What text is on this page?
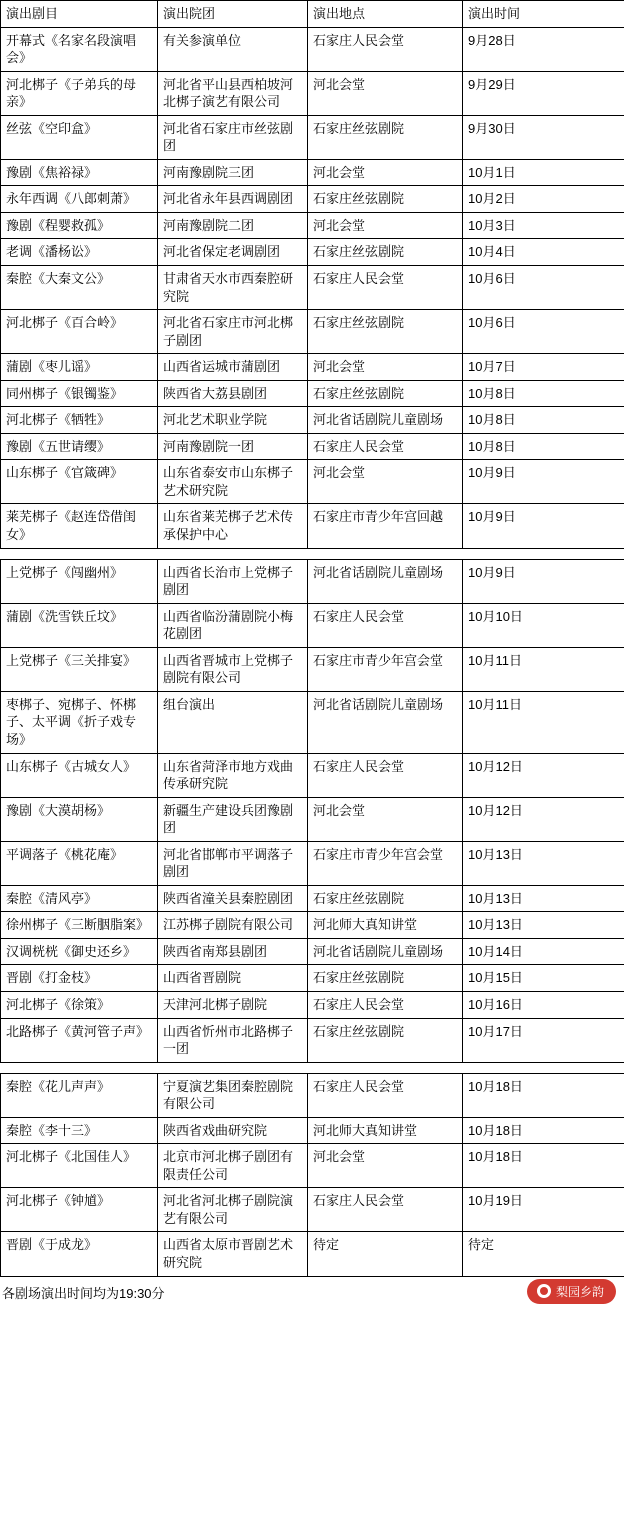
演出剧目	演出院团	演出地点	演出时间
开幕式《名家名段演唱会》	有关参演单位	石家庄人民会堂	9月28日
河北梆子《子弟兵的母亲》	河北省平山县西柏坡河北梆子演艺有限公司	河北会堂	9月29日
丝弦《空印盒》	河北省石家庄市丝弦剧团	石家庄丝弦剧院	9月30日
豫剧《焦裕禄》	河南豫剧院三团	河北会堂	10月1日
永年西调《八郎刺萧》	河北省永年县西调剧团	石家庄丝弦剧院	10月2日
豫剧《程婴救孤》	河南豫剧院二团	河北会堂	10月3日
老调《潘杨讼》	河北省保定老调剧团	石家庄丝弦剧院	10月4日
秦腔《大秦文公》	甘肃省天水市西秦腔研究院	石家庄人民会堂	10月6日
河北梆子《百合岭》	河北省石家庄市河北梆子剧团	石家庄丝弦剧院	10月6日
蒲剧《枣儿谣》	山西省运城市蒲剧团	河北会堂	10月7日
同州梆子《银镯鉴》	陕西省大荔县剧团	石家庄丝弦剧院	10月8日
河北梆子《牺牲》	河北艺术职业学院	河北省话剧院儿童剧场	10月8日
豫剧《五世请缨》	河南豫剧院一团	石家庄人民会堂	10月8日
山东梆子《官箴碑》	山东省泰安市山东梆子艺术研究院	河北会堂	10月9日
莱芜梆子《赵连岱借闺女》	山东省莱芜梆子艺术传承保护中心	石家庄市青少年宫回越	10月9日
上党梆子《闯幽州》	山西省长治市上党梆子剧团	河北省话剧院儿童剧场	10月9日
蒲剧《洗雪铁丘坟》	山西省临汾蒲剧院小梅花剧团	石家庄人民会堂	10月10日
上党梆子《三关排宴》	山西省晋城市上党梆子剧院有限公司	石家庄市青少年宫会堂	10月11日
枣梆子、宛梆子、怀梆子、太平调《折子戏专场》	组台演出	河北省话剧院儿童剧场	10月11日
山东梆子《古城女人》	山东省菏泽市地方戏曲传承研究院	石家庄人民会堂	10月12日
豫剧《大漠胡杨》	新疆生产建设兵团豫剧团	河北会堂	10月12日
平调落子《桃花庵》	河北省邯郸市平调落子剧团	石家庄市青少年宫会堂	10月13日
秦腔《清风亭》	陕西省潼关县秦腔剧团	石家庄丝弦剧院	10月13日
徐州梆子《三断胭脂案》	江苏梆子剧院有限公司	河北师大真知讲堂	10月13日
汉调桄桄《御史还乡》	陕西省南郑县剧团	河北省话剧院儿童剧场	10月14日
晋剧《打金枝》	山西省晋剧院	石家庄丝弦剧院	10月15日
河北梆子《徐策》	天津河北梆子剧院	石家庄人民会堂	10月16日
北路梆子《黄河管子声》	山西省忻州市北路梆子一团	石家庄丝弦剧院	10月17日
秦腔《花儿声声》	宁夏演艺集团秦腔剧院有限公司	石家庄人民会堂	10月18日
秦腔《李十三》	陕西省戏曲研究院	河北师大真知讲堂	10月18日
河北梆子《北国佳人》	北京市河北梆子剧团有限责任公司	河北会堂	10月18日
河北梆子《钟馗》	河北省河北梆子剧院演艺有限公司	石家庄人民会堂	10月19日
晋剧《于成龙》	山西省太原市晋剧艺术研究院	待定	待定
各剧场演出时间均为19:30分	梨园乡韵
